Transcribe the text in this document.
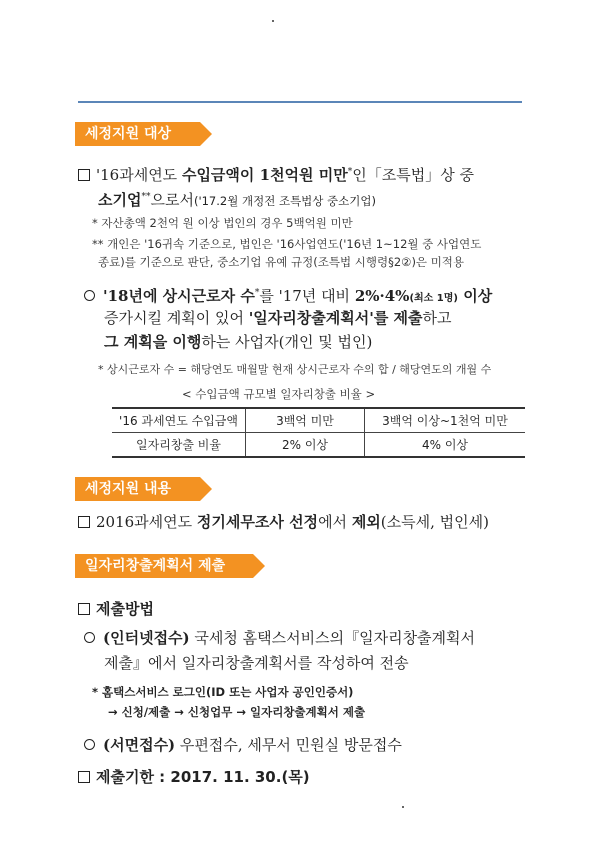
세정지원 대상
'16과세연도 수입금액이 1천억원 미만*인「조특법」상 중
소기업**으로서('17.2월 개정전 조특법상 중소기업)
* 자산총액 2천억 원 이상 법인의 경우 5백억원 미만
** 개인은 '16귀속 기준으로, 법인은 '16사업연도('16년 1~12월 중 사업연도
종료)를 기준으로 판단, 중소기업 유예 규정(조특법 시행령§2②)은 미적용
'18년에 상시근로자 수*를 '17년 대비 2%·4%(최소 1명) 이상
증가시킬 계획이 있어 '일자리창출계획서'를 제출하고
그 계획을 이행하는 사업자(개인 및 법인)
* 상시근로자 수 = 해당연도 매월말 현재 상시근로자 수의 합 / 해당연도의 개월 수
< 수입금액 규모별 일자리창출 비율 >
'16 과세연도 수입금액	3백억 미만	3백억 이상~1천억 미만
일자리창출 비율	2% 이상	4% 이상
세정지원 내용
2016과세연도 정기세무조사 선정에서 제외(소득세, 법인세)
일자리창출계획서 제출
제출방법
(인터넷접수) 국세청 홈택스서비스의『일자리창출계획서
제출』에서 일자리창출계획서를 작성하여 전송
* 홈택스서비스 로그인(ID 또는 사업자 공인인증서)
→ 신청/제출 → 신청업무 → 일자리창출계획서 제출
(서면접수) 우편접수, 세무서 민원실 방문접수
제출기한 : 2017. 11. 30.(목)
